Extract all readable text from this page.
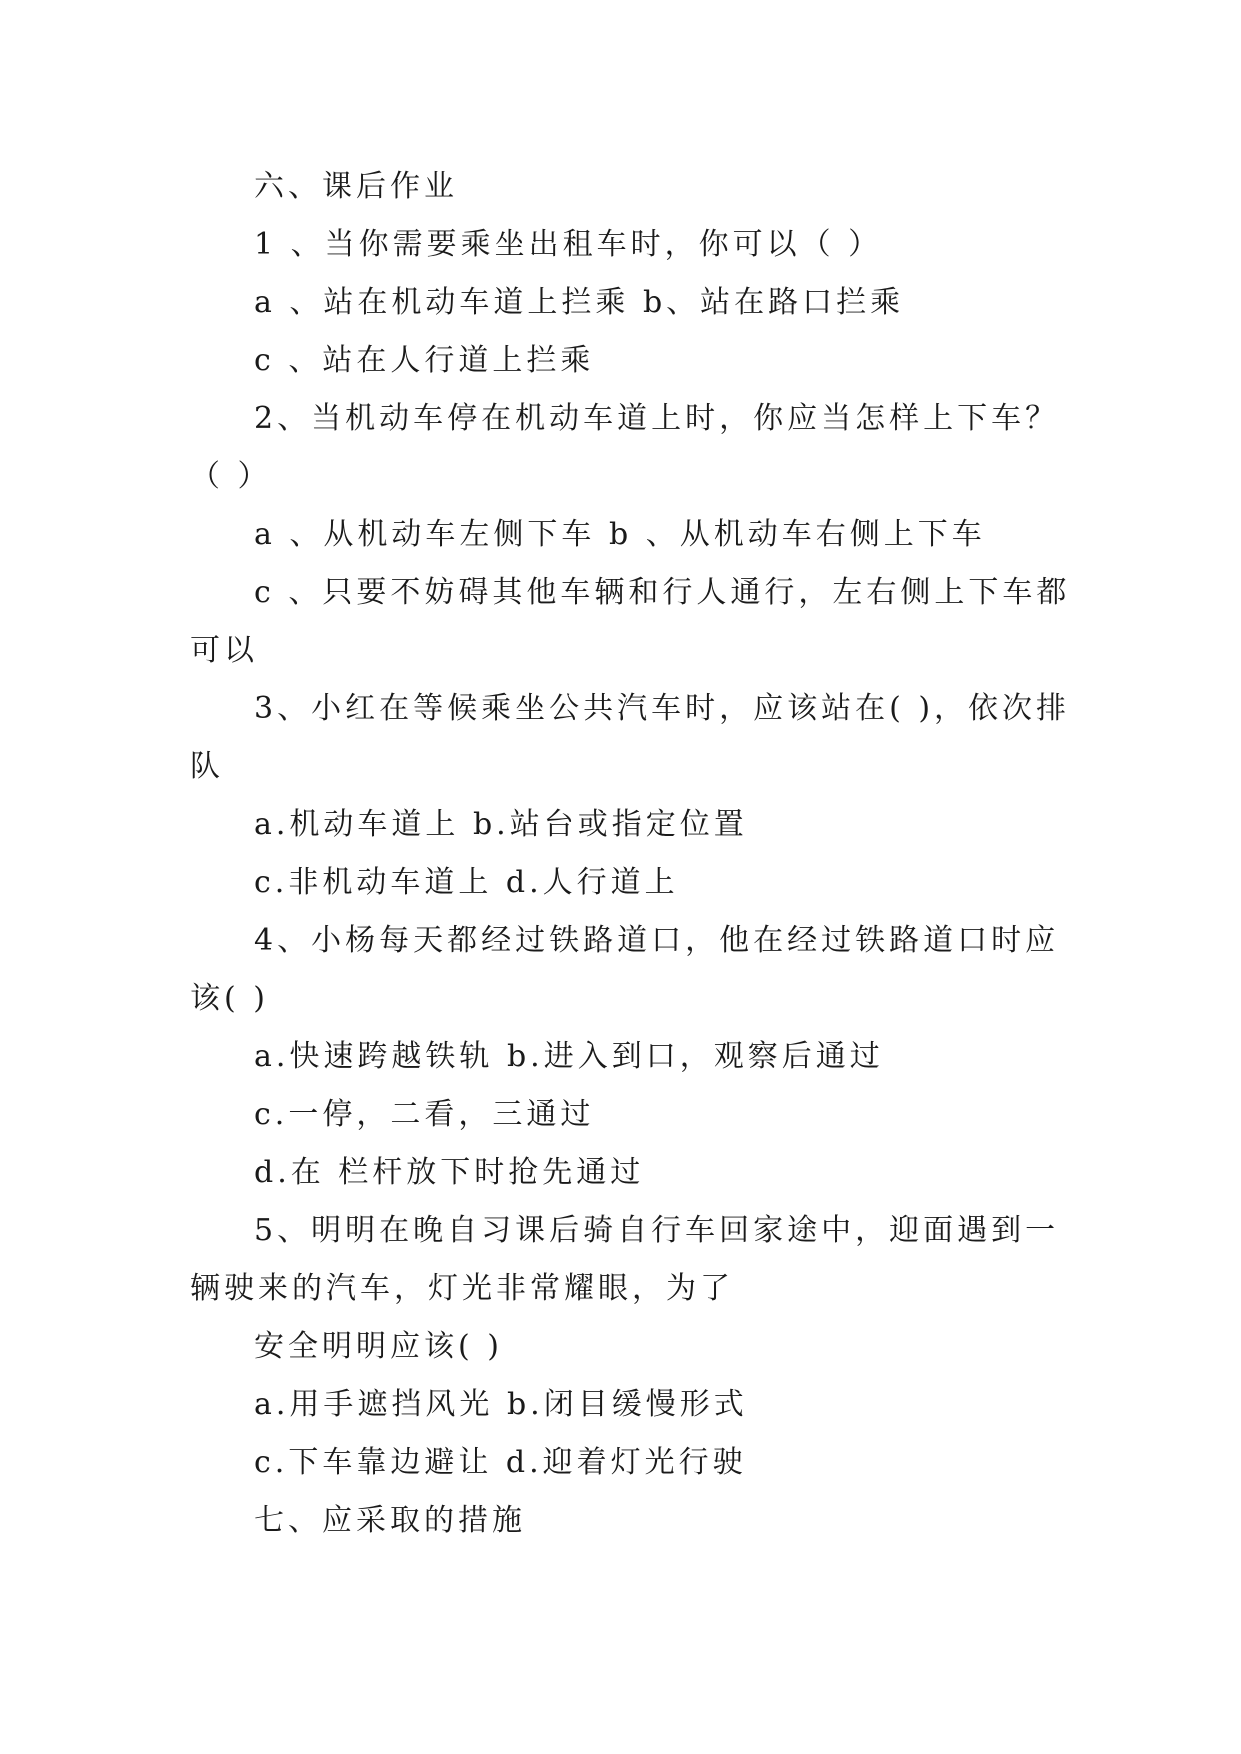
六、课后作业
1 、当你需要乘坐出租车时，你可以（ ）
a 、站在机动车道上拦乘 b、站在路口拦乘
c 、站在人行道上拦乘
2、当机动车停在机动车道上时，你应当怎样上下车？
（ ）
a 、从机动车左侧下车 b 、从机动车右侧上下车
c 、只要不妨碍其他车辆和行人通行，左右侧上下车都
可以
3、小红在等候乘坐公共汽车时，应该站在( )，依次排
队
a.机动车道上 b.站台或指定位置
c.非机动车道上 d.人行道上
4、小杨每天都经过铁路道口，他在经过铁路道口时应
该( )
a.快速跨越铁轨 b.进入到口，观察后通过
c.一停，二看，三通过
d.在 栏杆放下时抢先通过
5、明明在晚自习课后骑自行车回家途中，迎面遇到一
辆驶来的汽车，灯光非常耀眼，为了
安全明明应该( )
a.用手遮挡风光 b.闭目缓慢形式
c.下车靠边避让 d.迎着灯光行驶
七、应采取的措施
